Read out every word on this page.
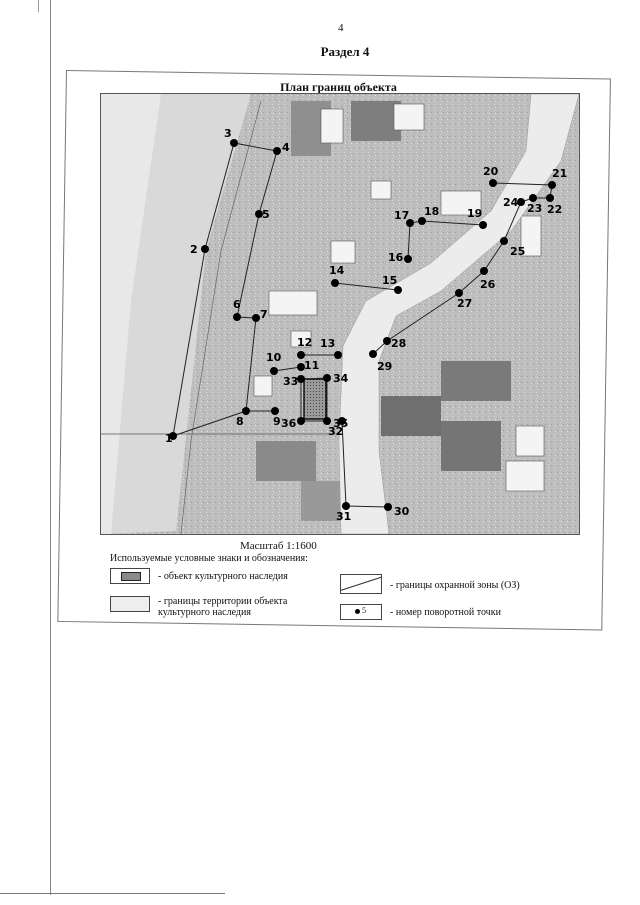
4
Раздел 4
План границ объекта
1
2
3
4
5
6
7
8	9
10
11
12 13
14
15
16
17 18	19
20	21
22
23
24
25
26
27
28
29
30
31
32
33	34
35
36
Масштаб 1:1600
Используемые условные знаки и обозначения:
- объект культурного наследия
- границы территории объекта культурного наследия
- границы охранной зоны (ОЗ)
5 - номер поворотной точки
